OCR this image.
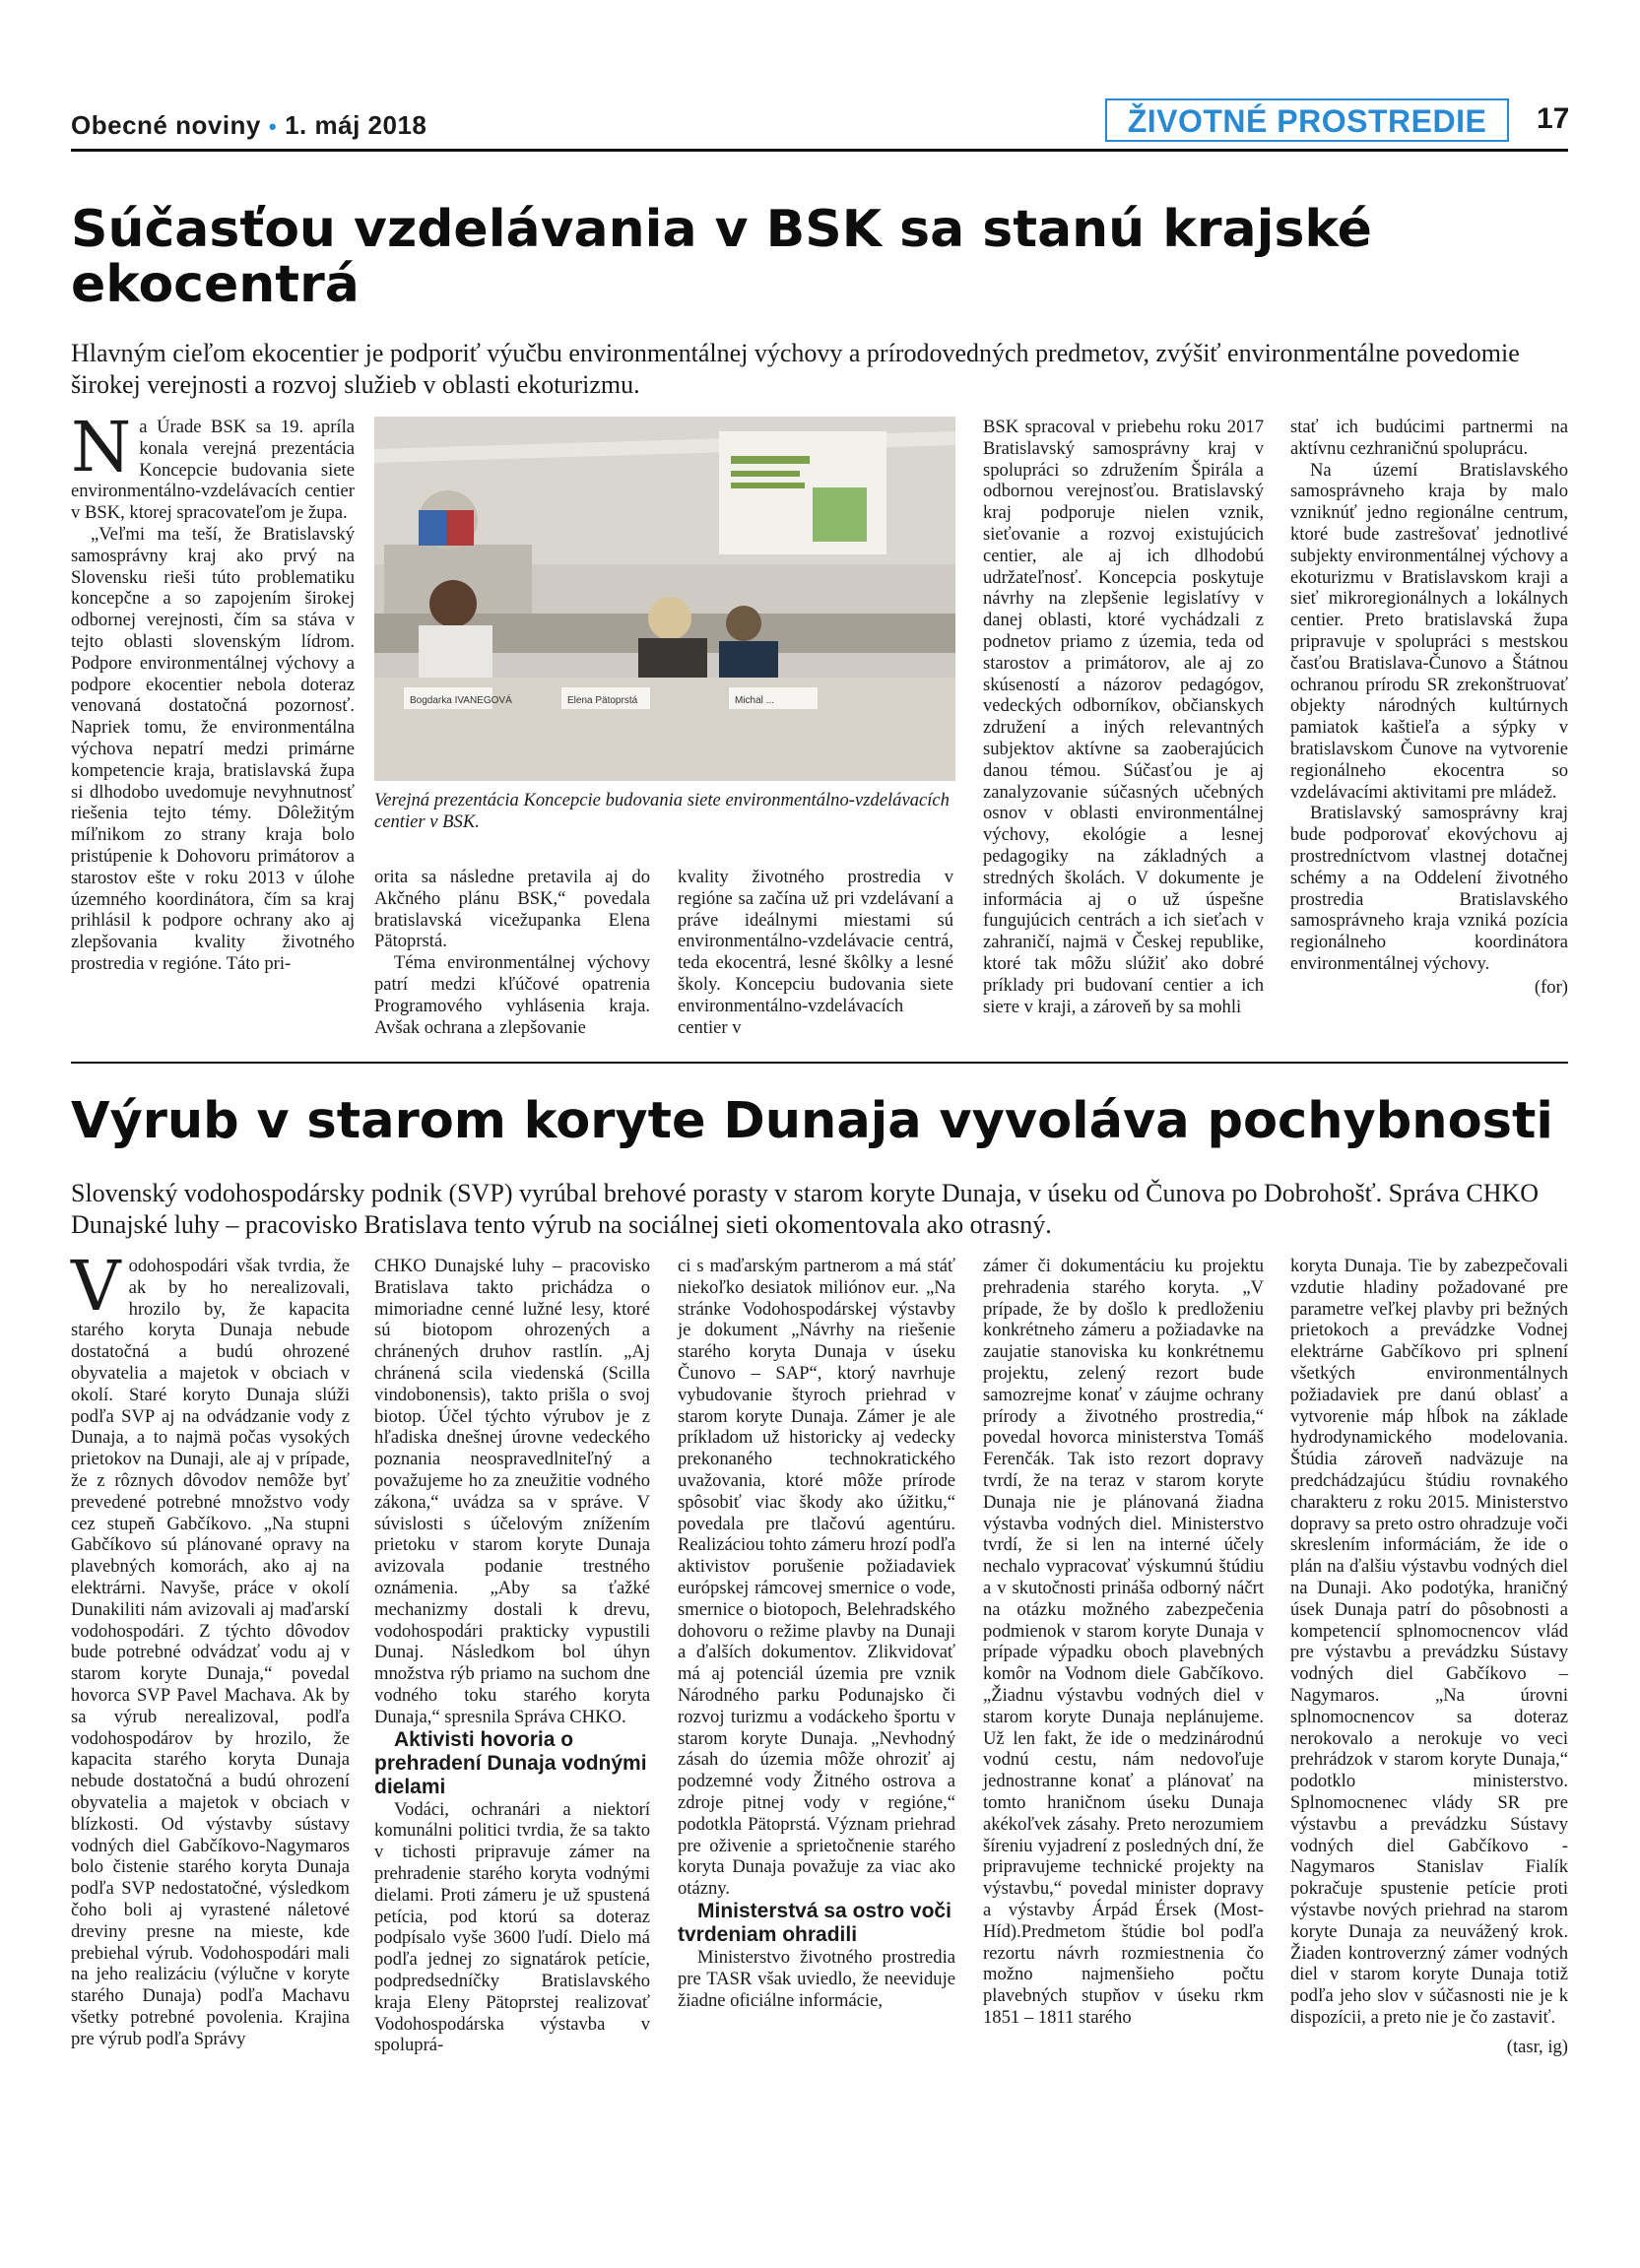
Obecné noviny • 1. máj 2018	ŽIVOTNÉ PROSTREDIE	17
Súčasťou vzdelávania v BSK sa stanú krajské
ekocentrá

Hlavným cieľom ekocentier je podporiť výučbu environmentálnej výchovy a prírodovedných predmetov, zvýšiť environmentálne povedomie širokej verejnosti a rozvoj služieb v oblasti ekoturizmu.

Na Úrade BSK sa 19. apríla konala verejná prezentácia Koncepcie budovania siete environmentálno-vzdelávacích centier v BSK, ktorej spracovateľom je župa.

„Veľmi ma teší, že Bratislavský samosprávny kraj ako prvý na Slovensku rieši túto problematiku koncepčne a so zapojením širokej odbornej verejnosti, čím sa stáva v tejto oblasti slovenským lídrom. Podpore environmentálnej výchovy a podpore ekocentier nebola doteraz venovaná dostatočná pozornosť. Napriek tomu, že environmentálna výchova nepatrí medzi primárne kompetencie kraja, bratislavská župa si dlhodobo uvedomuje nevyhnutnosť riešenia tejto témy. Dôležitým míľnikom zo strany kraja bolo pristúpenie k Dohovoru primátorov a starostov ešte v roku 2013 v úlohe územného koordinátora, čím sa kraj prihlásil k podpore ochrany ako aj zlepšovania kvality životného prostredia v regióne. Táto pri-

Bogdarka IVANEGOVÁ	Elena Pätoprstá	Michal ...
Verejná prezentácia Koncepcie budovania siete environmentálno-vzdelávacích centier v BSK.

orita sa následne pretavila aj do Akčného plánu BSK,“ povedala bratislavská vicežupanka Elena Pätoprstá.

Téma environmentálnej výchovy patrí medzi kľúčové opatrenia Programového vyhlásenia kraja. Avšak ochrana a zlepšovanie

kvality životného prostredia v regióne sa začína už pri vzdelávaní a práve ideálnymi miestami sú environmentálno-vzdelávacie centrá, teda ekocentrá, lesné škôlky a lesné školy. Koncepciu budovania siete environmentálno-vzdelávacích centier v

BSK spracoval v priebehu roku 2017 Bratislavský samosprávny kraj v spolupráci so združením Špirála a odbornou verejnosťou. Bratislavský kraj podporuje nielen vznik, sieťovanie a rozvoj existujúcich centier, ale aj ich dlhodobú udržateľnosť. Koncepcia poskytuje návrhy na zlepšenie legislatívy v danej oblasti, ktoré vychádzali z podnetov priamo z územia, teda od starostov a primátorov, ale aj zo skúseností a názorov pedagógov, vedeckých odborníkov, občianskych združení a iných relevantných subjektov aktívne sa zaoberajúcich danou témou. Súčasťou je aj zanalyzovanie súčasných učebných osnov v oblasti environmentálnej výchovy, ekológie a lesnej pedagogiky na základných a stredných školách. V dokumente je informácia aj o už úspešne fungujúcich centrách a ich sieťach v zahraničí, najmä v Českej republike, ktoré tak môžu slúžiť ako dobré príklady pri budovaní centier a ich sieте v kraji, a zároveň by sa mohli

stať ich budúcimi partnermi na aktívnu cezhraničnú spoluprácu.

Na území Bratislavského samosprávneho kraja by malo vzniknúť jedno regionálne centrum, ktoré bude zastrešovať jednotlivé subjekty environmentálnej výchovy a ekoturizmu v Bratislavskom kraji a sieť mikroregionálnych a lokálnych centier. Preto bratislavská župa pripravuje v spolupráci s mestskou časťou Bratislava-Čunovo a Štátnou ochranou prírodu SR zrekonštruovať objekty národných kultúrnych pamiatok kaštieľa a sýpky v bratislavskom Čunove na vytvorenie regionálneho ekocentra so vzdelávacími aktivitami pre mládež.

Bratislavský samosprávny kraj bude podporovať ekovýchovu aj prostredníctvom vlastnej dotačnej schémy a na Oddelení životného prostredia Bratislavského samosprávneho kraja vzniká pozícia regionálneho koordinátora environmentálnej výchovy.

(for)

Výrub v starom koryte Dunaja vyvoláva pochybnosti

Slovenský vodohospodársky podnik (SVP) vyrúbal brehové porasty v starom koryte Dunaja, v úseku od Čunova po Dobrohošť. Správa CHKO Dunajské luhy – pracovisko Bratislava tento výrub na sociálnej sieti okomentovala ako otrasný.

Vodohospodári však tvrdia, že ak by ho nerealizovali, hrozilo by, že kapacita starého koryta Dunaja nebude dostatočná a budú ohrozené obyvatelia a majetok v obciach v okolí. Staré koryto Dunaja slúži podľa SVP aj na odvádzanie vody z Dunaja, a to najmä počas vysokých prietokov na Dunaji, ale aj v prípade, že z rôznych dôvodov nemôže byť prevedené potrebné množstvo vody cez stupeň Gabčíkovo. „Na stupni Gabčíkovo sú plánované opravy na plavebných komorách, ako aj na elektrárni. Navyše, práce v okolí Dunakiliti nám avizovali aj maďarskí vodohospodári. Z týchto dôvodov bude potrebné odvádzať vodu aj v starom koryte Dunaja,“ povedal hovorca SVP Pavel Machava. Ak by sa výrub nerealizoval, podľa vodohospodárov by hrozilo, že kapacita starého koryta Dunaja nebude dostatočná a budú ohrození obyvatelia a majetok v obciach v blízkosti. Od výstavby sústavy vodných diel Gabčíkovo-Nagymaros bolo čistenie starého koryta Dunaja podľa SVP nedostatočné, výsledkom čoho boli aj vyrastené náletové dreviny presne na mieste, kde prebiehal výrub. Vodohospodári mali na jeho realizáciu (výlučne v koryte starého Dunaja) podľa Machavu všetky potrebné povolenia. Krajina pre výrub podľa Správy

CHKO Dunajské luhy – pracovisko Bratislava takto prichádza o mimoriadne cenné lužné lesy, ktoré sú biotopom ohrozených a chránených druhov rastlín. „Aj chránená scila viedenská (Scilla vindobonensis), takto prišla o svoj biotop. Účel týchto výrubov je z hľadiska dnešnej úrovne vedeckého poznania neospravedlniteľný a považujeme ho za zneužitie vodného zákona,“ uvádza sa v správe. V súvislosti s účelovým znížením prietoku v starom koryte Dunaja avizovala podanie trestného oznámenia. „Aby sa ťažké mechanizmy dostali k drevu, vodohospodári prakticky vypustili Dunaj. Následkom bol úhyn množstva rýb priamo na suchom dne vodného toku starého koryta Dunaja,“ spresnila Správa CHKO.

Aktivisti hovoria o prehradení Dunaja vodnými dielami

Vodáci, ochranári a niektorí komunálni politici tvrdia, že sa takto v tichosti pripravuje zámer na prehradenie starého koryta vodnými dielami. Proti zámeru je už spustená petícia, pod ktorú sa doteraz podpísalo vyše 3600 ľudí. Dielo má podľa jednej zo signatárok petície, podpredsedníčky Bratislavského kraja Eleny Pätoprstej realizovať Vodohospodárska výstavba v spoluprá-

ci s maďarským partnerom a má stáť niekoľko desiatok miliónov eur. „Na stránke Vodohospodárskej výstavby je dokument „Návrhy na riešenie starého koryta Dunaja v úseku Čunovo – SAP“, ktorý navrhuje vybudovanie štyroch priehrad v starom koryte Dunaja. Zámer je ale príkladom už historicky aj vedecky prekonaného technokratického uvažovania, ktoré môže prírode spôsobiť viac škody ako úžitku,“ povedala pre tlačovú agentúru. Realizáciou tohto zámeru hrozí podľa aktivistov porušenie požiadaviek európskej rámcovej smernice o vode, smernice o biotopoch, Belehradského dohovoru o režime plavby na Dunaji a ďalších dokumentov. Zlikvidovať má aj potenciál územia pre vznik Národného parku Podunajsko či rozvoj turizmu a vodáckeho športu v starom koryte Dunaja. „Nevhodný zásah do územia môže ohroziť aj podzemné vody Žitného ostrova a zdroje pitnej vody v regióne,“ podotkla Pätoprstá. Význam priehrad pre oživenie a sprietočnenie starého koryta Dunaja považuje za viac ako otázny.

Ministerstvá sa ostro voči tvrdeniam ohradili

Ministerstvo životného prostredia pre TASR však uviedlo, že neeviduje žiadne oficiálne informácie,

zámer či dokumentáciu ku projektu prehradenia starého koryta. „V prípade, že by došlo k predloženiu konkrétneho zámeru a požiadavke na zaujatie stanoviska ku konkrétnemu projektu, zelený rezort bude samozrejme konať v záujme ochrany prírody a životného prostredia,“ povedal hovorca ministerstva Tomáš Ferenčák. Tak isto rezort dopravy tvrdí, že na teraz v starom koryte Dunaja nie je plánovaná žiadna výstavba vodných diel. Ministerstvo tvrdí, že si len na interné účely nechalo vypracovať výskumnú štúdiu a v skutočnosti prináša odborný náčrt na otázku možného zabezpečenia podmienok v starom koryte Dunaja v prípade výpadku oboch plavebných komôr na Vodnom diele Gabčíkovo. „Žiadnu výstavbu vodných diel v starom koryte Dunaja neplánujeme. Už len fakt, že ide o medzinárodnú vodnú cestu, nám nedovoľuje jednostranne konať a plánovať na tomto hraničnom úseku Dunaja akékoľvek zásahy. Preto nerozumiem šíreniu vyjadrení z posledných dní, že pripravujeme technické projekty na výstavbu,“ povedal minister dopravy a výstavby Árpád Érsek (Most-Híd).Predmetom štúdie bol podľa rezortu návrh rozmiestnenia čo možno najmenšieho počtu plavebných stupňov v úseku rkm 1851 – 1811 starého

koryta Dunaja. Tie by zabezpečovali vzdutie hladiny požadované pre parametre veľkej plavby pri bežných prietokoch a prevádzke Vodnej elektrárne Gabčíkovo pri splnení všetkých environmentálnych požiadaviek pre danú oblasť a vytvorenie máp hĺbok na základe hydrodynamického modelovania. Štúdia zároveň nadväzuje na predchádzajúcu štúdiu rovnakého charakteru z roku 2015. Ministerstvo dopravy sa preto ostro ohradzuje voči skreslením informáciám, že ide o plán na ďalšiu výstavbu vodných diel na Dunaji. Ako podotýka, hraničný úsek Dunaja patrí do pôsobnosti a kompetencií splnomocnencov vlád pre výstavbu a prevádzku Sústavy vodných diel Gabčíkovo – Nagymaros. „Na úrovni splnomocnencov sa doteraz nerokovalo a nerokuje vo veci prehrádzok v starom koryte Dunaja,“ podotklo ministerstvo. Splnomocnenec vlády SR pre výstavbu a prevádzku Sústavy vodných diel Gabčíkovo - Nagymaros Stanislav Fialík pokračuje spustenie petície proti výstavbe nových priehrad na starom koryte Dunaja za neuvážený krok. Žiaden kontroverzný zámer vodných diel v starom koryte Dunaja totiž podľa jeho slov v súčasnosti nie je k dispozícii, a preto nie je čo zastaviť.

(tasr, ig)
